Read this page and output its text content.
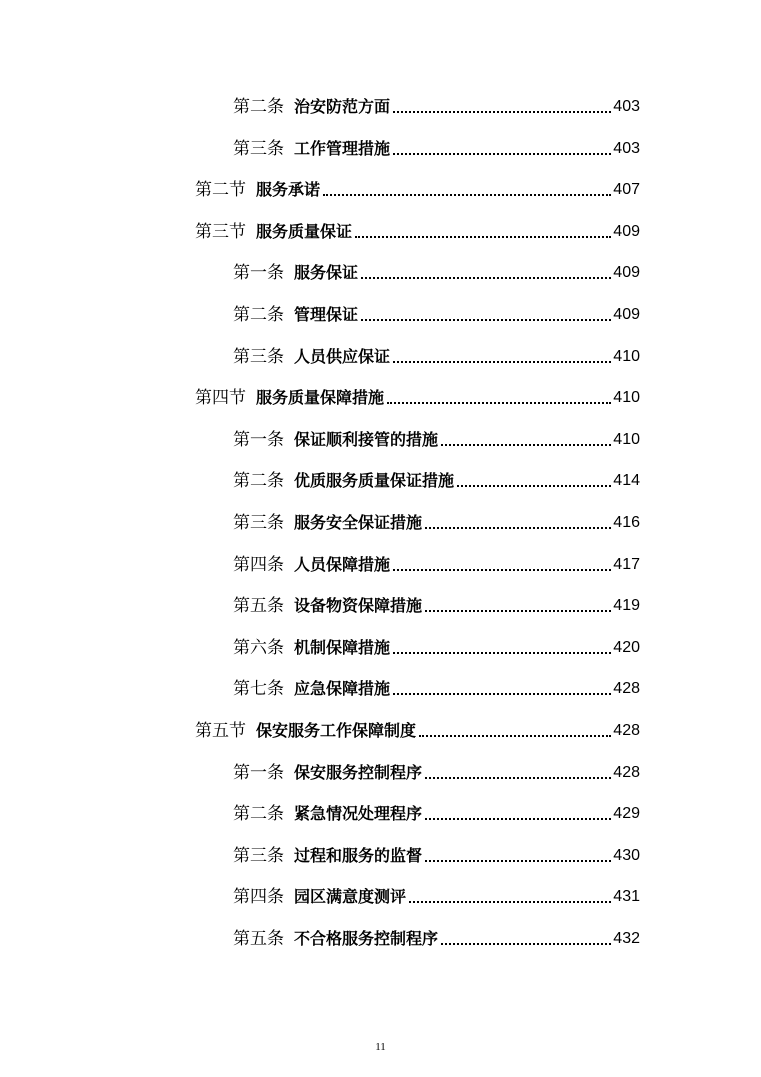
第二条 治安防范方面	403
第三条 工作管理措施	403
第二节 服务承诺	407
第三节 服务质量保证	409
第一条 服务保证	409
第二条 管理保证	409
第三条 人员供应保证	410
第四节 服务质量保障措施	410
第一条 保证顺利接管的措施	410
第二条 优质服务质量保证措施	414
第三条 服务安全保证措施	416
第四条 人员保障措施	417
第五条 设备物资保障措施	419
第六条 机制保障措施	420
第七条 应急保障措施	428
第五节 保安服务工作保障制度	428
第一条 保安服务控制程序	428
第二条 紧急情况处理程序	429
第三条 过程和服务的监督	430
第四条 园区满意度测评	431
第五条 不合格服务控制程序	432
11
